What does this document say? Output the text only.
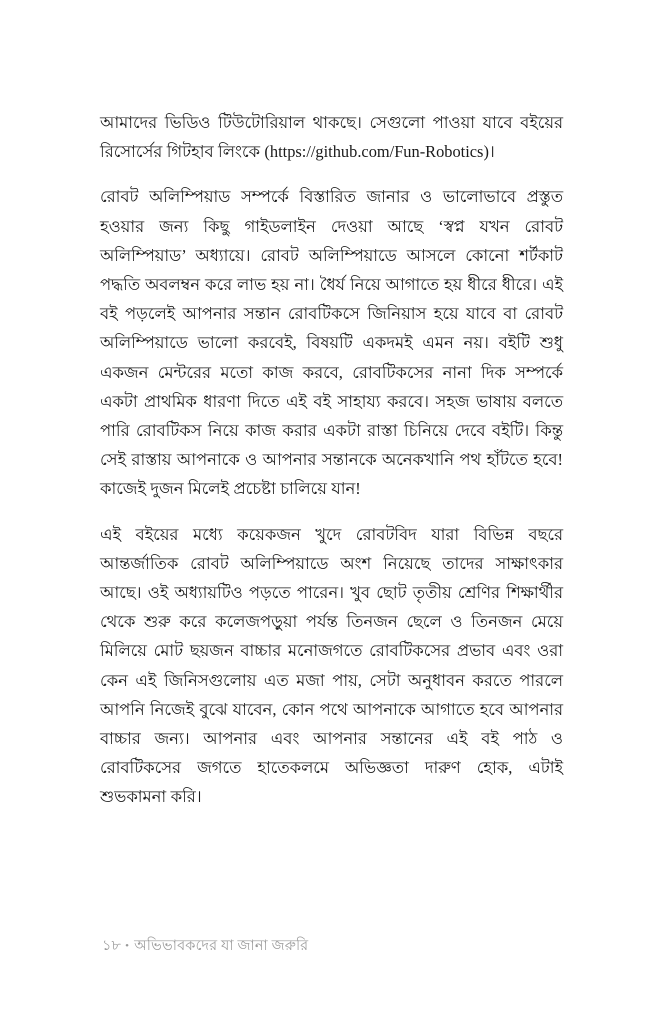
আমাদের ভিডিও টিউটোরিয়াল থাকছে। সেগুলো পাওয়া যাবে বইয়ের রিসোর্সের গিটহাব লিংকে (https://github.com/Fun-Robotics)।

রোবট অলিম্পিয়াড সম্পর্কে বিস্তারিত জানার ও ভালোভাবে প্রস্তুত হওয়ার জন্য কিছু গাইডলাইন দেওয়া আছে ‘স্বপ্ন যখন রোবট অলিম্পিয়াড’ অধ্যায়ে। রোবট অলিম্পিয়াডে আসলে কোনো শর্টকাট পদ্ধতি অবলম্বন করে লাভ হয় না। ধৈর্য নিয়ে আগাতে হয় ধীরে ধীরে। এই বই পড়লেই আপনার সন্তান রোবটিকসে জিনিয়াস হয়ে যাবে বা রোবট অলিম্পিয়াডে ভালো করবেই, বিষয়টি একদমই এমন নয়। বইটি শুধু একজন মেন্টরের মতো কাজ করবে, রোবটিকসের নানা দিক সম্পর্কে একটা প্রাথমিক ধারণা দিতে এই বই সাহায্য করবে। সহজ ভাষায় বলতে পারি রোবটিকস নিয়ে কাজ করার একটা রাস্তা চিনিয়ে দেবে বইটি। কিন্তু সেই রাস্তায় আপনাকে ও আপনার সন্তানকে অনেকখানি পথ হাঁটতে হবে! কাজেই দুজন মিলেই প্রচেষ্টা চালিয়ে যান!

এই বইয়ের মধ্যে কয়েকজন খুদে রোবটবিদ যারা বিভিন্ন বছরে আন্তর্জাতিক রোবট অলিম্পিয়াডে অংশ নিয়েছে তাদের সাক্ষাৎকার আছে। ওই অধ্যায়টিও পড়তে পারেন। খুব ছোট তৃতীয় শ্রেণির শিক্ষার্থীর থেকে শুরু করে কলেজপড়ুয়া পর্যন্ত তিনজন ছেলে ও তিনজন মেয়ে মিলিয়ে মোট ছয়জন বাচ্চার মনোজগতে রোবটিকসের প্রভাব এবং ওরা কেন এই জিনিসগুলোয় এত মজা পায়, সেটা অনুধাবন করতে পারলে আপনি নিজেই বুঝে যাবেন, কোন পথে আপনাকে আগাতে হবে আপনার বাচ্চার জন্য। আপনার এবং আপনার সন্তানের এই বই পাঠ ও রোবটিকসের জগতে হাতেকলমে অভিজ্ঞতা দারুণ হোক, এটাই শুভকামনা করি।

১৮ • অভিভাবকদের যা জানা জরুরি
